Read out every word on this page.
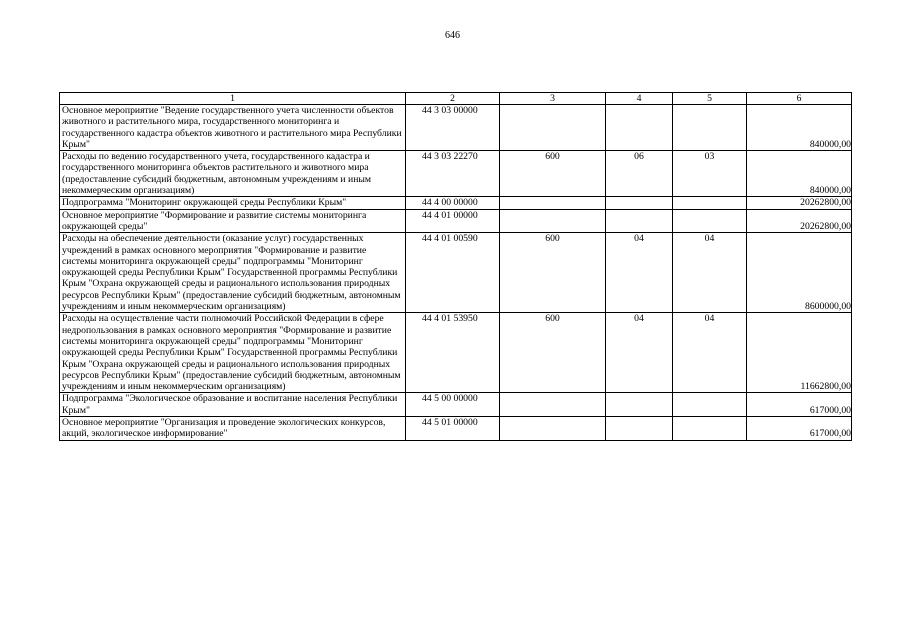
646
1	2	3	4	5	6
Основное мероприятие "Ведение государственного учета численности объектов животного и растительного мира, государственного мониторинга и государственного кадастра объектов животного и растительного мира Республики Крым"	44 3 03 00000				840000,00
Расходы по ведению государственного учета, государственного кадастра и государственного мониторинга объектов растительного и животного мира (предоставление субсидий бюджетным, автономным учреждениям и иным некоммерческим организациям)	44 3 03 22270	600	06	03	840000,00
Подпрограмма "Мониторинг окружающей среды Республики Крым"	44 4 00 00000				20262800,00
Основное мероприятие "Формирование и развитие системы мониторинга окружающей среды"	44 4 01 00000				20262800,00
Расходы на обеспечение деятельности (оказание услуг) государственных учреждений в рамках основного мероприятия "Формирование и развитие системы мониторинга окружающей среды" подпрограммы "Мониторинг окружающей среды Республики Крым" Государственной программы Республики Крым "Охрана окружающей среды и рационального использования природных ресурсов Республики Крым" (предоставление субсидий бюджетным, автономным учреждениям и иным некоммерческим организациям)	44 4 01 00590	600	04	04	8600000,00
Расходы на осуществление части полномочий Российской Федерации в сфере недропользования в рамках основного мероприятия "Формирование и развитие системы мониторинга окружающей среды" подпрограммы "Мониторинг окружающей среды Республики Крым" Государственной программы Республики Крым "Охрана окружающей среды и рационального использования природных ресурсов Республики Крым" (предоставление субсидий бюджетным, автономным учреждениям и иным некоммерческим организациям)	44 4 01 53950	600	04	04	11662800,00
Подпрограмма "Экологическое образование и воспитание населения Республики Крым"	44 5 00 00000				617000,00
Основное мероприятие "Организация и проведение экологических конкурсов, акций, экологическое информирование"	44 5 01 00000				617000,00
